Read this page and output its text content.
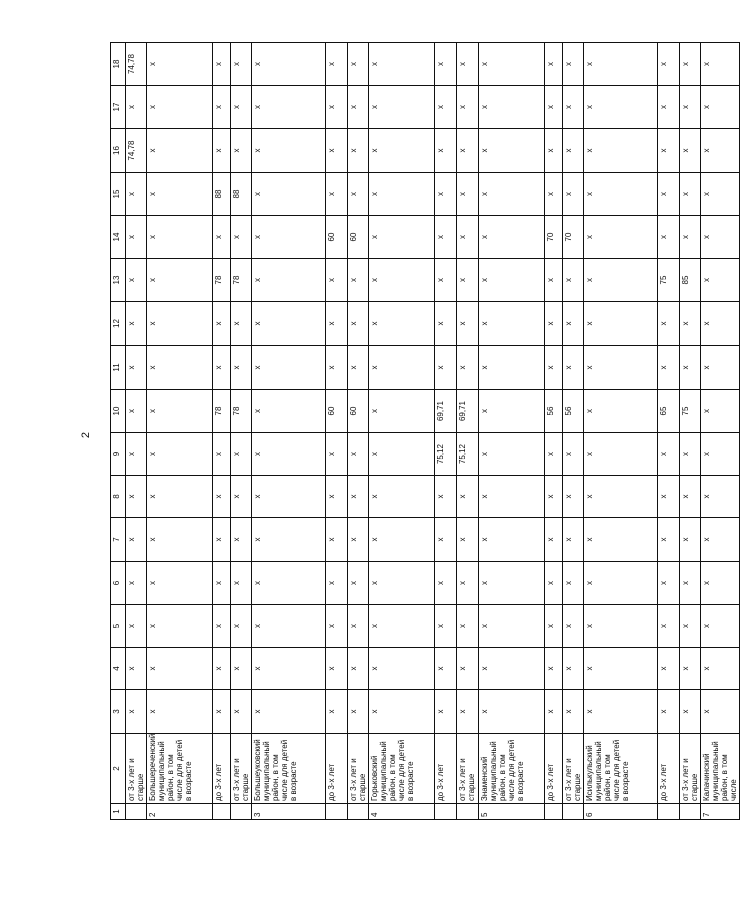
2
1	2	3	4	5	6	7	8	9	10	11	12	13	14	15	16	17	18	
	от 3-х лет и старше	х	х	х	х	х	х	х	х	х	х	х	х	х	74,78	х	74,78		
2	Большереченский муниципальный район, в том числе для детей в возрасте	х	х	х	х	х	х	х	х	х	х	х	х	х	х	х	х	
	до 3-х лет	х	х	х	х	х	х	х	78	х	х	78	х	88	х	х	х	
	от 3-х лет и старше	х	х	х	х	х	х	х	78	х	х	78	х	88	х	х	х	
3	Большеуковский муниципальный район, в том числе для детей в возрасте	х	х	х	х	х	х	х	х	х	х	х	х	х	х	х	х	
	до 3-х лет	х	х	х	х	х	х	х	60	х	х	х	60	х	х	х	х	
	от 3-х лет и старше	х	х	х	х	х	х	х	60	х	х	х	60	х	х	х	х	
4	Горьковский муниципальный район, в том числе для детей в возрасте	х	х	х	х	х	х	х	х	х	х	х	х	х	х	х	х	
	до 3-х лет	х	х	х	х	х	х	75,12	69,71	х	х	х	х	х	х	х	х	
	от 3-х лет и старше	х	х	х	х	х	х	75,12	69,71	х	х	х	х	х	х	х	х	
5	Знаменский муниципальный район, в том числе для детей в возрасте	х	х	х	х	х	х	х	х	х	х	х	х	х	х	х	х	
	до 3-х лет	х	х	х	х	х	х	х	56	х	х	х	70	х	х	х	х	
	от 3-х лет и старше	х	х	х	х	х	х	х	56	х	х	х	70	х	х	х	х	
6	Исилькульский муниципальный район, в том числе для детей в возрасте	х	х	х	х	х	х	х	х	х	х	х	х	х	х	х	х	
	до 3-х лет	х	х	х	х	х	х	х	65	х	х	75	х	х	х	х	х	
	от 3-х лет и старше	х	х	х	х	х	х	х	75	х	х	85	х	х	х	х	х	
7	Калачинский муниципальный район, в том числе	х	х	х	х	х	х	х	х	х	х	х	х	х	х	х	х	
